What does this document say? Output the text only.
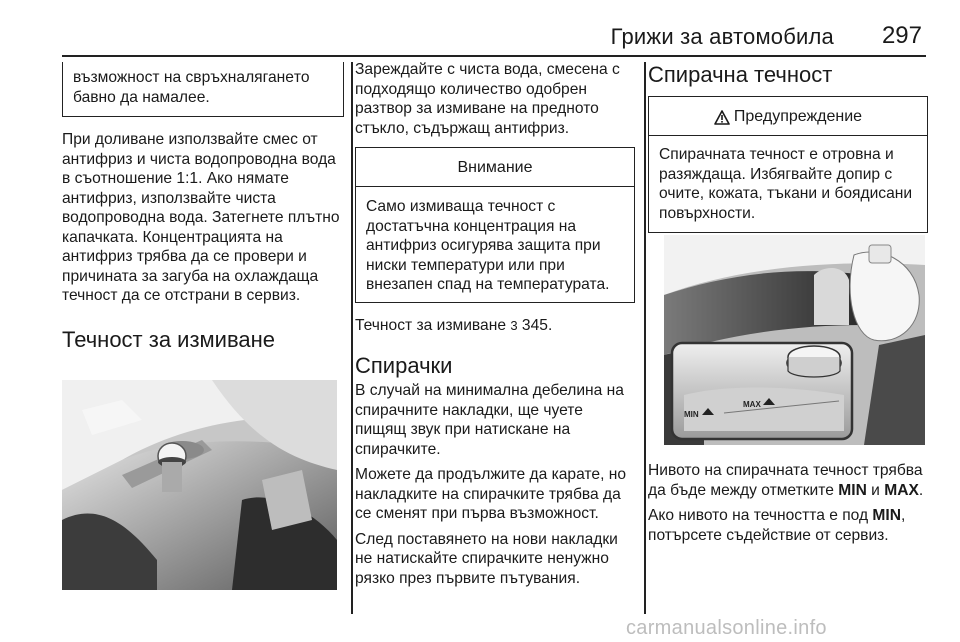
Грижи за автомобила 297

възможност на свръхналяганeто бавно да намалее.

При доливане използвайте смес от антифриз и чиста водопроводна вода в съотношение 1:1. Ако нямате антифриз, използвайте чиста водопроводна вода. Затегнете плътно капачката. Концентрацията на антифриз трябва да се провери и причината за загуба на охлаждаща течност да се отстрани в сервиз.

Течност за измиване

Зареждайте с чиста вода, смесена с подходящо количество одобрен разтвор за измиване на предното стъкло, съдържащ антифриз.

Внимание

Само измиваща течност с достатъчна концентрация на антифриз осигурява защита при ниски температури или при внезапен спад на температурата.

Течност за измиване 3 345.

Спирачки

В случай на минимална дебелина на спирачните накладки, ще чуете пищящ звук при натискане на спирачките.

Можете да продължите да карате, но накладките на спирачките трябва да се сменят при първа възможност.

След поставянето на нови накладки не натискайте спирачките ненужно рязко през първите пътувания.

Спирачна течност
Предупреждение

Спирачната течност е отровна и разяждаща. Избягвайте допир с очите, кожата, тъкани и боядисани повърхности.

MAX
MIN

Нивото на спирачната течност трябва да бъде между отметките MIN и MAX.

Ако нивото на течността е под MIN, потърсете съдействие от сервиз.

carmanualsonline.info
